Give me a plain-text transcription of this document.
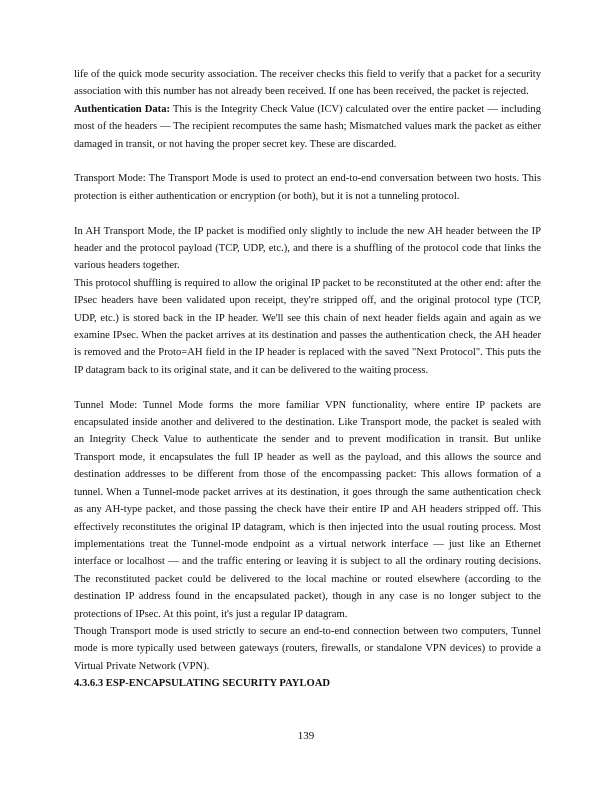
life of the quick mode security association. The receiver checks this field to verify that a packet for a security association with this number has not already been received. If one has been received, the packet is rejected.

Authentication Data: This is the Integrity Check Value (ICV) calculated over the entire packet — including most of the headers — The recipient recomputes the same hash; Mismatched values mark the packet as either damaged in transit, or not having the proper secret key. These are discarded.

Transport Mode: The Transport Mode is used to protect an end-to-end conversation between two hosts. This protection is either authentication or encryption (or both), but it is not a tunneling protocol.

In AH Transport Mode, the IP packet is modified only slightly to include the new AH header between the IP header and the protocol payload (TCP, UDP, etc.), and there is a shuffling of the protocol code that links the various headers together.

This protocol shuffling is required to allow the original IP packet to be reconstituted at the other end: after the IPsec headers have been validated upon receipt, they're stripped off, and the original protocol type (TCP, UDP, etc.) is stored back in the IP header. We'll see this chain of next header fields again and again as we examine IPsec. When the packet arrives at its destination and passes the authentication check, the AH header is removed and the Proto=AH field in the IP header is replaced with the saved "Next Protocol". This puts the IP datagram back to its original state, and it can be delivered to the waiting process.

Tunnel Mode: Tunnel Mode forms the more familiar VPN functionality, where entire IP packets are encapsulated inside another and delivered to the destination. Like Transport mode, the packet is sealed with an Integrity Check Value to authenticate the sender and to prevent modification in transit. But unlike Transport mode, it encapsulates the full IP header as well as the payload, and this allows the source and destination addresses to be different from those of the encompassing packet: This allows formation of a tunnel. When a Tunnel-mode packet arrives at its destination, it goes through the same authentication check as any AH-type packet, and those passing the check have their entire IP and AH headers stripped off. This effectively reconstitutes the original IP datagram, which is then injected into the usual routing process. Most implementations treat the Tunnel-mode endpoint as a virtual network interface — just like an Ethernet interface or localhost — and the traffic entering or leaving it is subject to all the ordinary routing decisions. The reconstituted packet could be delivered to the local machine or routed elsewhere (according to the destination IP address found in the encapsulated packet), though in any case is no longer subject to the protections of IPsec. At this point, it's just a regular IP datagram.

Though Transport mode is used strictly to secure an end-to-end connection between two computers, Tunnel mode is more typically used between gateways (routers, firewalls, or standalone VPN devices) to provide a Virtual Private Network (VPN).

4.3.6.3 ESP-ENCAPSULATING SECURITY PAYLOAD

139
